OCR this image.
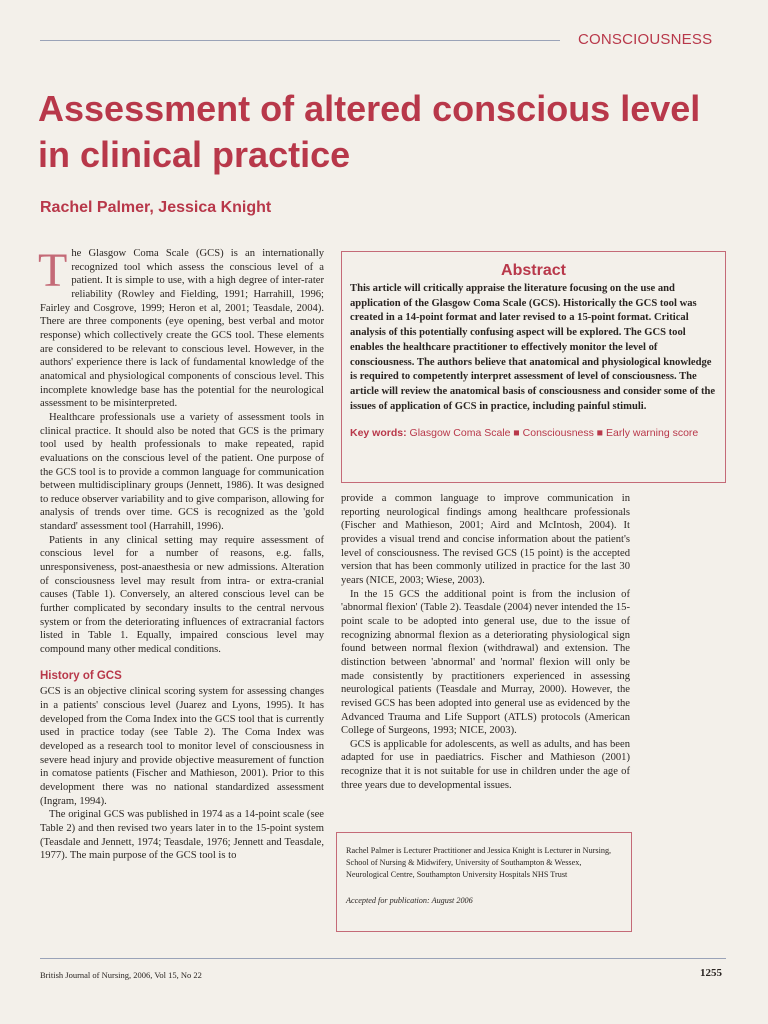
CONSCIOUSNESS
Assessment of altered conscious level in clinical practice
Rachel Palmer, Jessica Knight

The Glasgow Coma Scale (GCS) is an internationally recognized tool which assess the conscious level of a patient. It is simple to use, with a high degree of inter-rater reliability (Rowley and Fielding, 1991; Harrahill, 1996; Fairley and Cosgrove, 1999; Heron et al, 2001; Teasdale, 2004). There are three components (eye opening, best verbal and motor response) which collectively create the GCS tool. These elements are considered to be relevant to conscious level. However, in the authors' experience there is lack of fundamental knowledge of the anatomical and physiological components of conscious level. This incomplete knowledge base has the potential for the neurological assessment to be misinterpreted.

Healthcare professionals use a variety of assessment tools in clinical practice. It should also be noted that GCS is the primary tool used by health professionals to make repeated, rapid evaluations on the conscious level of the patient. One purpose of the GCS tool is to provide a common language for communication between multidisciplinary groups (Jennett, 1986). It was designed to reduce observer variability and to give comparison, allowing for analysis of trends over time. GCS is recognized as the 'gold standard' assessment tool (Harrahill, 1996).

Patients in any clinical setting may require assessment of conscious level for a number of reasons, e.g. falls, unresponsiveness, post-anaesthesia or new admissions. Alteration of consciousness level may result from intra- or extra-cranial causes (Table 1). Conversely, an altered conscious level can be further complicated by secondary insults to the central nervous system or from the deteriorating influences of extracranial factors listed in Table 1. Equally, impaired conscious level may compound many other medical conditions.

History of GCS

GCS is an objective clinical scoring system for assessing changes in a patients' conscious level (Juarez and Lyons, 1995). It has developed from the Coma Index into the GCS tool that is currently used in practice today (see Table 2). The Coma Index was developed as a research tool to monitor level of consciousness in severe head injury and provide objective measurement of function in comatose patients (Fischer and Mathieson, 2001). Prior to this development there was no national standardized assessment (Ingram, 1994).

The original GCS was published in 1974 as a 14-point scale (see Table 2) and then revised two years later in to the 15-point system (Teasdale and Jennett, 1974; Teasdale, 1976; Jennett and Teasdale, 1977). The main purpose of the GCS tool is to

Abstract

This article will critically appraise the literature focusing on the use and application of the Glasgow Coma Scale (GCS). Historically the GCS tool was created in a 14-point format and later revised to a 15-point format. Critical analysis of this potentially confusing aspect will be explored. The GCS tool enables the healthcare practitioner to effectively monitor the level of consciousness. The authors believe that anatomical and physiological knowledge is required to competently interpret assessment of level of consciousness. The article will review the anatomical basis of consciousness and consider some of the issues of application of GCS in practice, including painful stimuli.

Key words: Glasgow Coma Scale ■ Consciousness ■ Early warning score

provide a common language to improve communication in reporting neurological findings among healthcare professionals (Fischer and Mathieson, 2001; Aird and McIntosh, 2004). It provides a visual trend and concise information about the patient's level of consciousness. The revised GCS (15 point) is the accepted version that has been commonly utilized in practice for the last 30 years (NICE, 2003; Wiese, 2003).

In the 15 GCS the additional point is from the inclusion of 'abnormal flexion' (Table 2). Teasdale (2004) never intended the 15-point scale to be adopted into general use, due to the issue of recognizing abnormal flexion as a deteriorating physiological sign found between normal flexion (withdrawal) and extension. The distinction between 'abnormal' and 'normal' flexion will only be made consistently by practitioners experienced in assessing neurological patients (Teasdale and Murray, 2000). However, the revised GCS has been adopted into general use as evidenced by the Advanced Trauma and Life Support (ATLS) protocols (American College of Surgeons, 1993; NICE, 2003).

GCS is applicable for adolescents, as well as adults, and has been adapted for use in paediatrics. Fischer and Mathieson (2001) recognize that it is not suitable for use in children under the age of three years due to developmental issues.

Rachel Palmer is Lecturer Practitioner and Jessica Knight is Lecturer in Nursing, School of Nursing & Midwifery, University of Southampton & Wessex, Neurological Centre, Southampton University Hospitals NHS Trust

Accepted for publication: August 2006

British Journal of Nursing, 2006, Vol 15, No 22	1255
